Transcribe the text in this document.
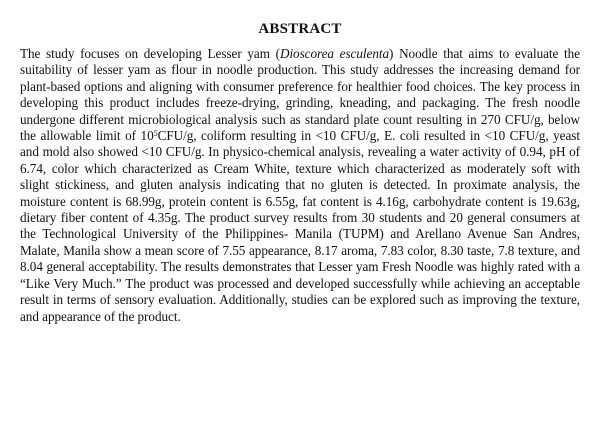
ABSTRACT

The study focuses on developing Lesser yam (Dioscorea esculenta) Noodle that aims to evaluate the suitability of lesser yam as flour in noodle production. This study addresses the increasing demand for plant-based options and aligning with consumer preference for healthier food choices. The key process in developing this product includes freeze-drying, grinding, kneading, and packaging. The fresh noodle undergone different microbiological analysis such as standard plate count resulting in 270 CFU/g, below the allowable limit of $10^5CFU/g$, coliform resulting in <10 CFU/g, E. coli resulted in <10 CFU/g, yeast and mold also showed <10 CFU/g. In physico-chemical analysis, revealing a water activity of 0.94, pH of 6.74, color which characterized as Cream White, texture which characterized as moderately soft with slight stickiness, and gluten analysis indicating that no gluten is detected. In proximate analysis, the moisture content is 68.99g, protein content is 6.55g, fat content is 4.16g, carbohydrate content is 19.63g, dietary fiber content of 4.35g. The product survey results from 30 students and 20 general consumers at the Technological University of the Philippines- Manila (TUPM) and Arellano Avenue San Andres, Malate, Manila show a mean score of 7.55 appearance, 8.17 aroma, 7.83 color, 8.30 taste, 7.8 texture, and 8.04 general acceptability. The results demonstrates that Lesser yam Fresh Noodle was highly rated with a “Like Very Much.” The product was processed and developed successfully while achieving an acceptable result in terms of sensory evaluation. Additionally, studies can be explored such as improving the texture, and appearance of the product.
